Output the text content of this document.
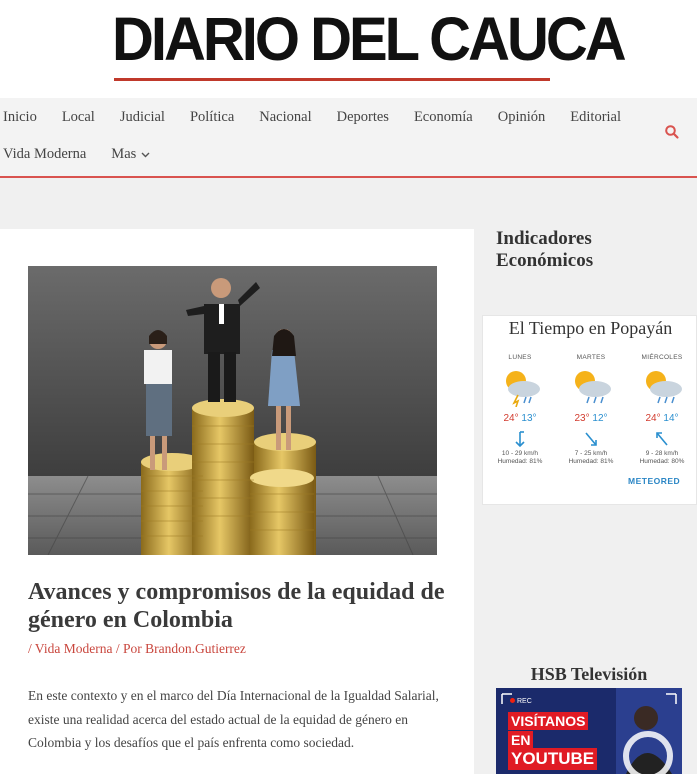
DIARIO DEL CAUCA
Inicio Local Judicial Política Nacional Deportes Economía Opinión Editorial
Vida Moderna Mas
Avances y compromisos de la equidad de género en Colombia
/ Vida Moderna / Por Brandon.Gutierrez

En este contexto y en el marco del Día Internacional de la Igualdad Salarial, existe una realidad acerca del estado actual de la equidad de género en Colombia y los desafíos que el país enfrenta como sociedad.

Indicadores
Económicos
El Tiempo en Popayán
LUNES
24° 13°
10 - 29 km/h
Humedad: 81%
MARTES
23° 12°
7 - 25 km/h
Humedad: 81%
MIÉRCOLES
24° 14°
9 - 28 km/h
Humedad: 80%
METEORED
HSB Televisión
REC
VISÍTANOS
EN
YOUTUBE
